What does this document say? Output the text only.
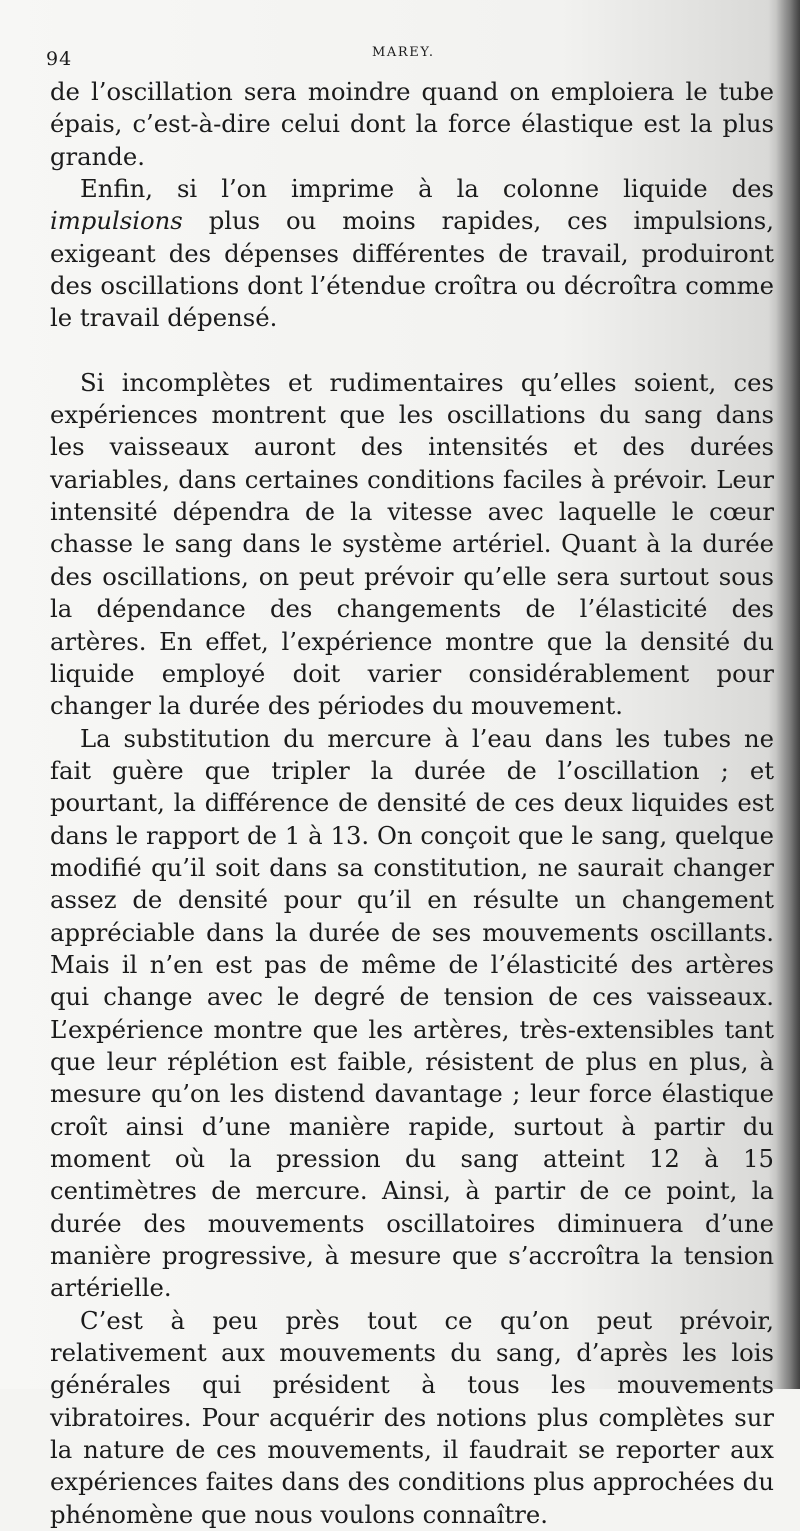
94	MAREY.

de l’oscillation sera moindre quand on emploiera le tube épais, c’est-à-dire celui dont la force élastique est la plus grande.

Enfin, si l’on imprime à la colonne liquide des impulsions plus ou moins rapides, ces impulsions, exigeant des dépenses différentes de travail, produiront des oscillations dont l’étendue croîtra ou décroîtra comme le travail dépensé.

Si incomplètes et rudimentaires qu’elles soient, ces expériences montrent que les oscillations du sang dans les vaisseaux auront des intensités et des durées variables, dans certaines conditions faciles à prévoir. Leur intensité dépendra de la vitesse avec laquelle le cœur chasse le sang dans le système artériel. Quant à la durée des oscillations, on peut prévoir qu’elle sera surtout sous la dépendance des changements de l’élasticité des artères. En effet, l’expérience montre que la densité du liquide employé doit varier considérablement pour changer la durée des périodes du mouvement.

La substitution du mercure à l’eau dans les tubes ne fait guère que tripler la durée de l’oscillation ; et pourtant, la différence de densité de ces deux liquides est dans le rapport de 1 à 13. On conçoit que le sang, quelque modifié qu’il soit dans sa constitution, ne saurait changer assez de densité pour qu’il en résulte un changement appréciable dans la durée de ses mouvements oscillants. Mais il n’en est pas de même de l’élasticité des artères qui change avec le degré de tension de ces vaisseaux. L’expérience montre que les artères, très-extensibles tant que leur réplétion est faible, résistent de plus en plus, à mesure qu’on les distend davantage ; leur force élastique croît ainsi d’une manière rapide, surtout à partir du moment où la pression du sang atteint 12 à 15 centimètres de mercure. Ainsi, à partir de ce point, la durée des mouvements oscillatoires diminuera d’une manière progressive, à mesure que s’accroîtra la tension artérielle.

C’est à peu près tout ce qu’on peut prévoir, relativement aux mouvements du sang, d’après les lois générales qui président à tous les mouvements vibratoires. Pour acquérir des notions plus complètes sur la nature de ces mouvements, il faudrait se reporter aux expériences faites dans des conditions plus approchées du phénomène que nous voulons connaître.
